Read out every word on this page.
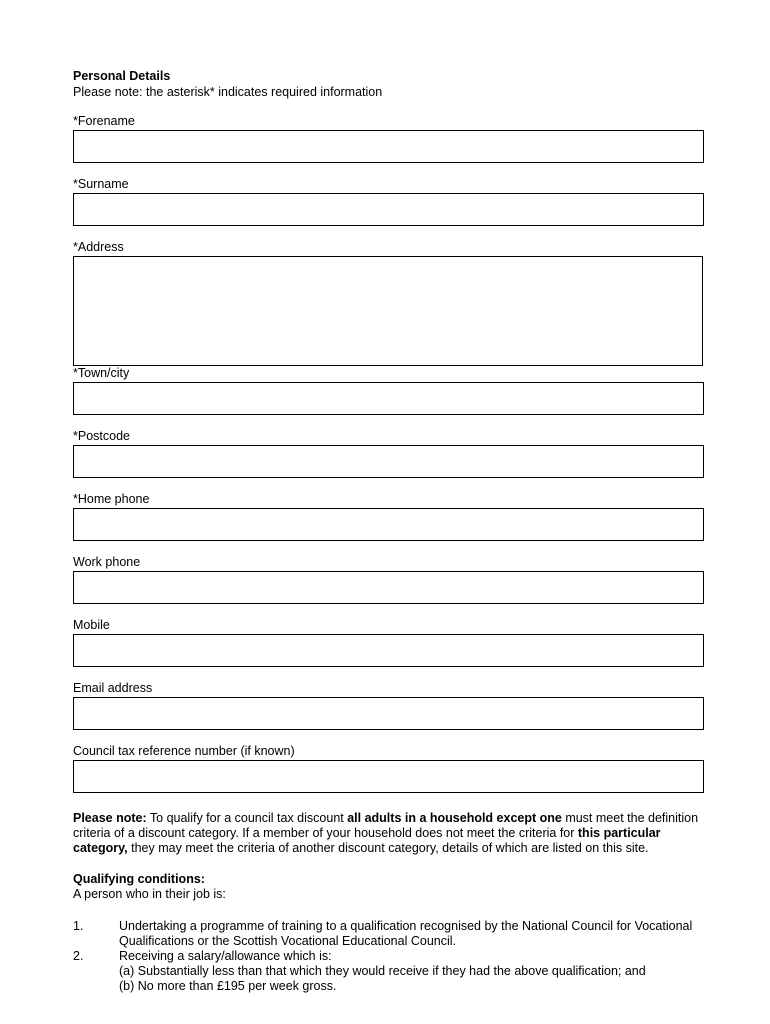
Personal Details
Please note: the asterisk* indicates required information
*Forename
*Surname
*Address
*Town/city
*Postcode
*Home phone
Work phone
Mobile
Email address
Council tax reference number (if known)
Please note: To qualify for a council tax discount all adults in a household except one must meet the definition criteria of a discount category. If a member of your household does not meet the criteria for this particular category, they may meet the criteria of another discount category, details of which are listed on this site.
Qualifying conditions:
A person who in their job is:
1.	Undertaking a programme of training to a qualification recognised by the National Council for Vocational Qualifications or the Scottish Vocational Educational Council.
2.	Receiving a salary/allowance which is:
(a) Substantially less than that which they would receive if they had the above qualification; and
(b) No more than £195 per week gross.
